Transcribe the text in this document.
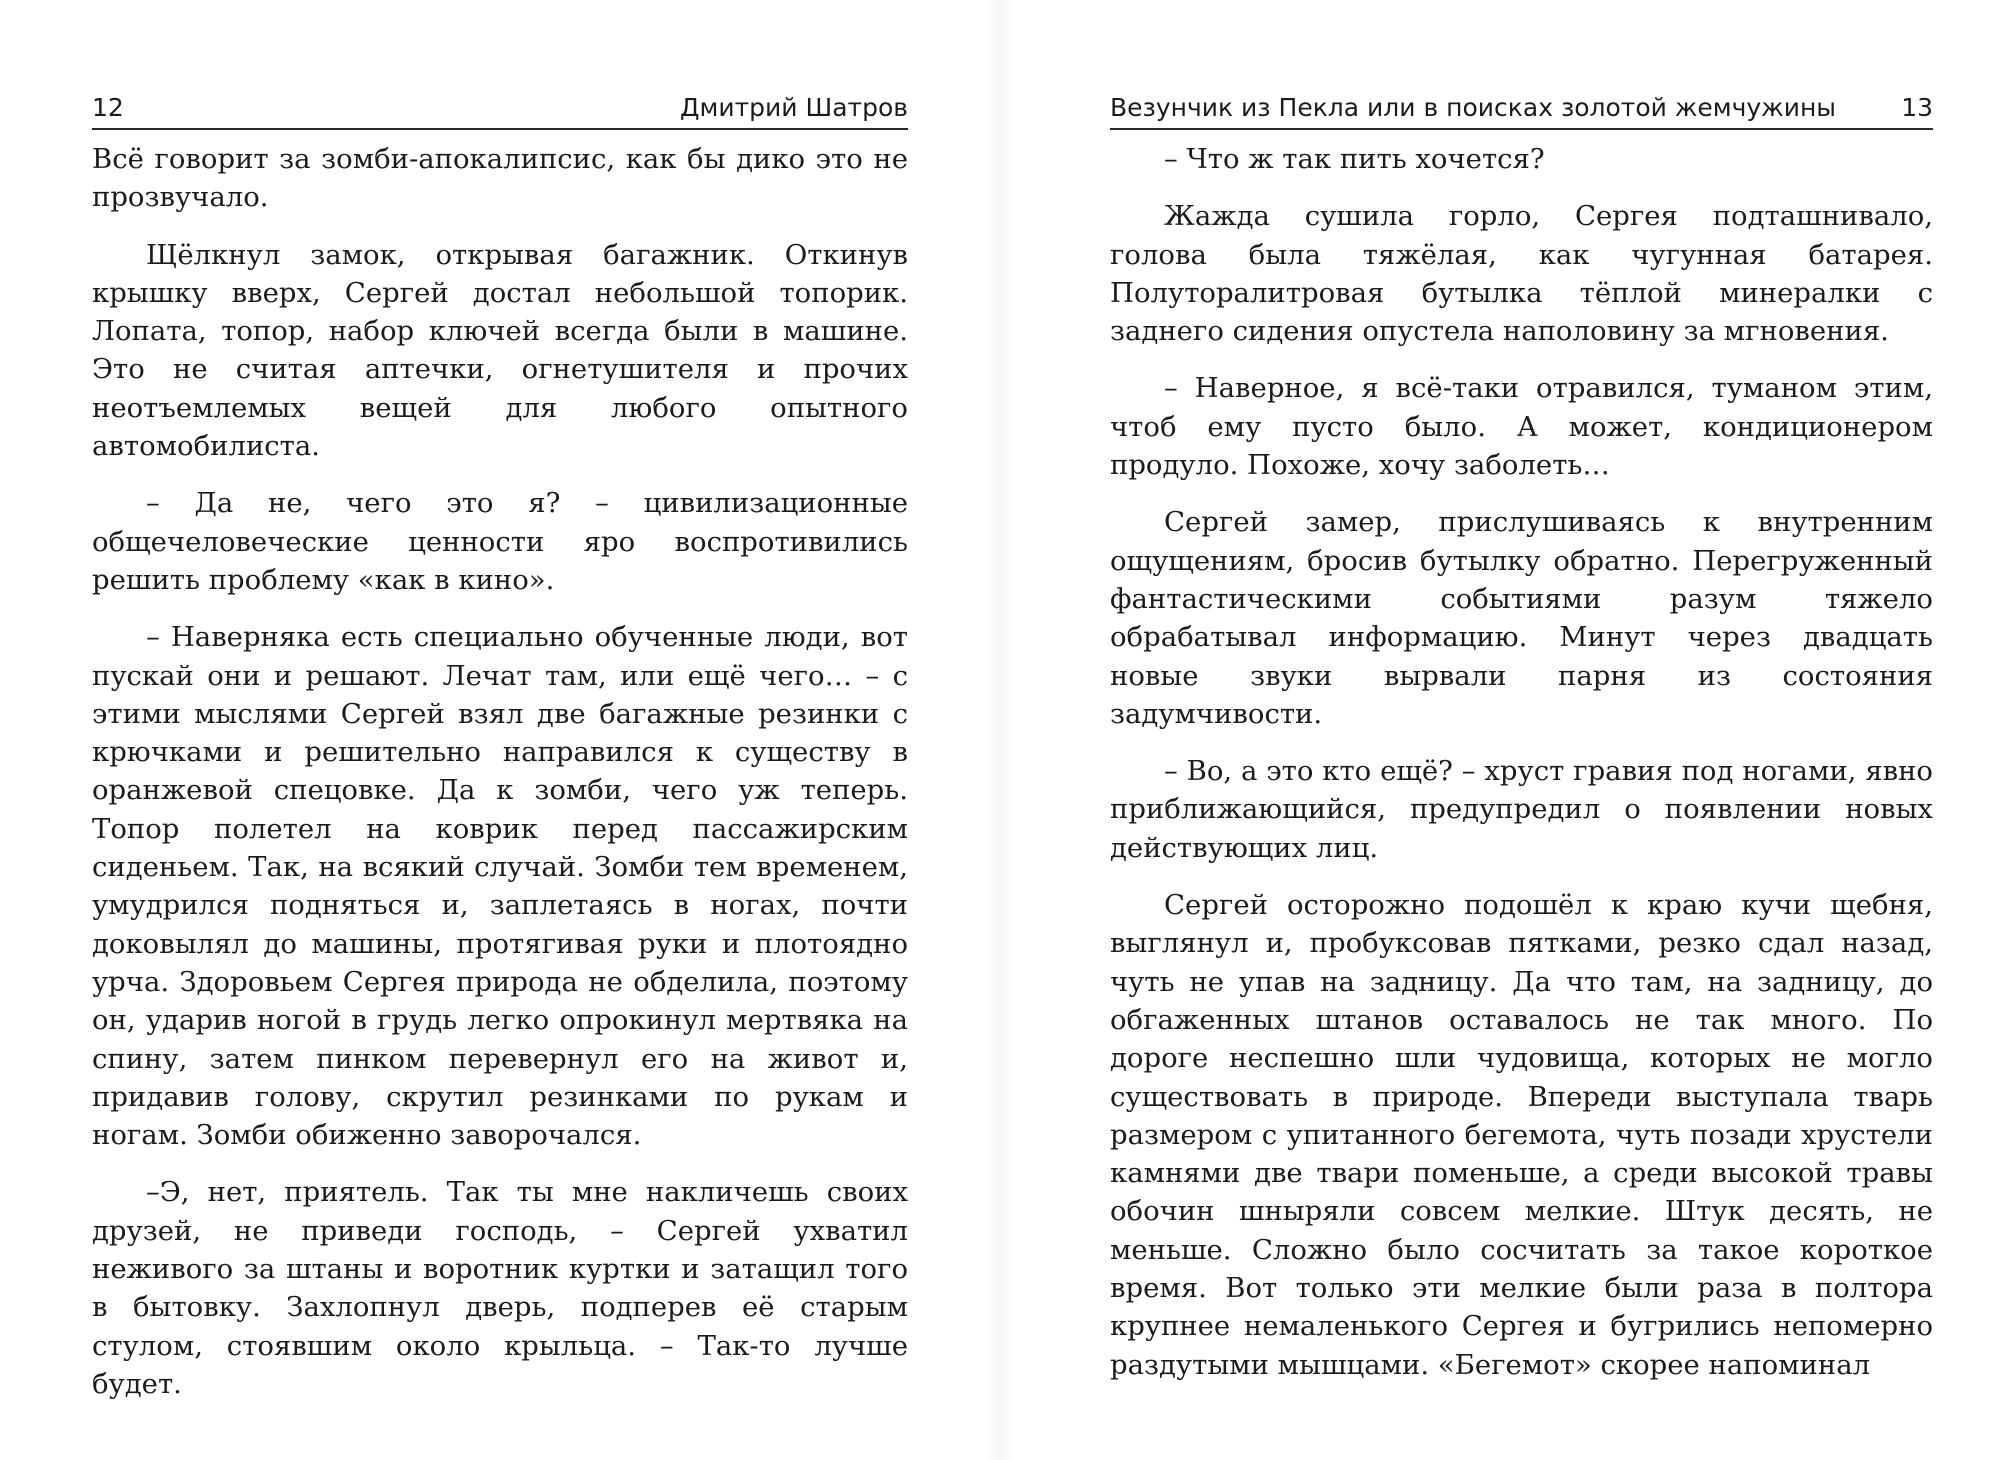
12	Дмитрий Шатров

Всё говорит за зомби-апокалипсис, как бы дико это не прозвучало.

Щёлкнул замок, открывая багажник. Откинув крышку вверх, Сергей достал небольшой топорик. Лопата, топор, набор ключей всегда были в машине. Это не считая аптечки, огнетушителя и прочих неотъемлемых вещей для любого опытного автомобилиста.

– Да не, чего это я? – цивилизационные общечеловеческие ценности яро воспротивились решить проблему «как в кино».

– Наверняка есть специально обученные люди, вот пускай они и решают. Лечат там, или ещё чего… – с этими мыслями Сергей взял две багажные резинки с крючками и решительно направился к существу в оранжевой спецовке. Да к зомби, чего уж теперь. Топор полетел на коврик перед пассажирским сиденьем. Так, на всякий случай. Зомби тем временем, умудрился подняться и, заплетаясь в ногах, почти доковылял до машины, протягивая руки и плотоядно урча. Здоровьем Сергея природа не обделила, поэтому он, ударив ногой в грудь легко опрокинул мертвяка на спину, затем пинком перевернул его на живот и, придавив голову, скрутил резинками по рукам и ногам. Зомби обиженно заворочался.

–Э, нет, приятель. Так ты мне накличешь своих друзей, не приведи господь, – Сергей ухватил неживого за штаны и воротник куртки и затащил того в бытовку. Захлопнул дверь, подперев её старым стулом, стоявшим около крыльца. – Так-то лучше будет.

Везунчик из Пекла или в поисках золотой жемчужины	13

– Что ж так пить хочется?

Жажда сушила горло, Сергея подташнивало, голова была тяжёлая, как чугунная батарея. Полуторалитровая бутылка тёплой минералки с заднего сидения опустела наполовину за мгновения.

– Наверное, я всё-таки отравился, туманом этим, чтоб ему пусто было. А может, кондиционером продуло. Похоже, хочу заболеть…

Сергей замер, прислушиваясь к внутренним ощущениям, бросив бутылку обратно. Перегруженный фантастическими событиями разум тяжело обрабатывал информацию. Минут через двадцать новые звуки вырвали парня из состояния задумчивости.

– Во, а это кто ещё? – хруст гравия под ногами, явно приближающийся, предупредил о появлении новых действующих лиц.

Сергей осторожно подошёл к краю кучи щебня, выглянул и, пробуксовав пятками, резко сдал назад, чуть не упав на задницу. Да что там, на задницу, до обгаженных штанов оставалось не так много. По дороге неспешно шли чудовища, которых не могло существовать в природе. Впереди выступала тварь размером с упитанного бегемота, чуть позади хрустели камнями две твари поменьше, а среди высокой травы обочин шныряли совсем мелкие. Штук десять, не меньше. Сложно было сосчитать за такое короткое время. Вот только эти мелкие были раза в полтора крупнее немаленького Сергея и бугрились непомерно раздутыми мышцами. «Бегемот» скорее напоминал
